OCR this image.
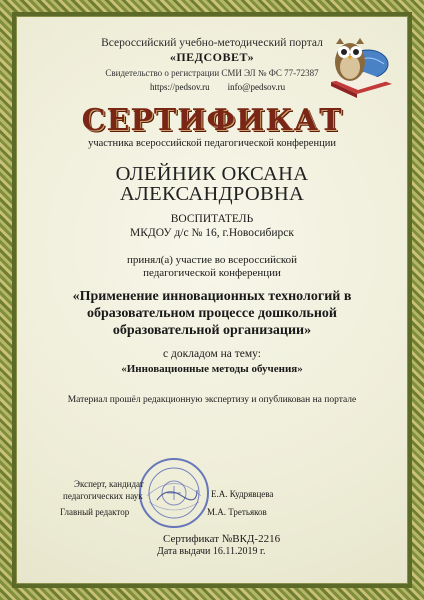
Всероссийский учебно-методический портал
«ПЕДСОВЕТ»
Свидетельство о регистрации СМИ ЭЛ № ФС 77-72387
https://pedsov.ru info@pedsov.ru
СЕРТИФИКАТ
участника всероссийской педагогической конференции
ОЛЕЙНИК ОКСАНА
АЛЕКСАНДРОВНА
ВОСПИТАТЕЛЬ
МКДОУ д/с № 16, г.Новосибирск
принял(а) участие во всероссийской
педагогической конференции
«Применение инновационных технологий в образовательном процессе дошкольной образовательной организации»
с докладом на тему:
«Инновационные методы обучения»
Материал прошёл редакционную экспертизу и опубликован на портале
Эксперт, кандидат
педагогических наук	Е.А. Кудрявцева
Главный редактор	М.А. Третьяков
Сертификат №ВКД-2216
Дата выдачи 16.11.2019 г.
